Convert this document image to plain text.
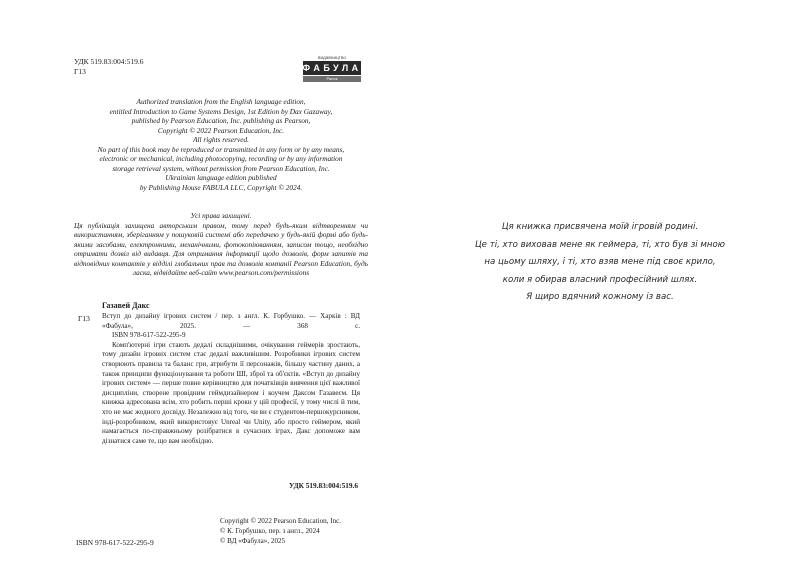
УДК 519.83:004:519.6
Г13
видавництво
ФАБУЛА
Ранок
Authorized translation from the English language edition,
entitled Introduction to Game Systems Design, 1st Edition by Dax Gazaway,
published by Pearson Education, Inc. publishing as Pearson,
Copyright © 2022 Pearson Education, Inc.
All rights reserved.
No part of this book may be reproduced or transmitted in any form or by any means,
electronic or mechanical, including photocopying, recording or by any information
storage retrieval system, without permission from Pearson Education, Inc.
Ukrainian language edition published
by Publishing House FABULA LLC, Copyright © 2024.
Усі права захищені.
Ця публікація захищена авторським правом, тому перед будь-яким відтворенням чи використанням, зберіганням у пошуковій системі або передачею у будь-якій формі або будь-якими засобами, електронними, механічними, фотокопіюванням, записом тощо, необхідно отримати дозвіл від видавця. Для отримання інформації щодо дозволів, форм запитів та відповідних контактів у відділі глобальних прав та дозволів компанії Pearson Education, будь ласка, відвідайте веб-сайт www.pearson.com/permissions
Газавей Дакс
Г13 Вступ до дизайну ігрових систем / пер. з англ. К. Горбушко. — Харків : ВД «Фабула», 2025. — 368 с.
ISBN 978-617-522-295-9
Комп'ютерні ігри стають дедалі складнішими, очікування геймерів зростають, тому дизайн ігрових систем стає дедалі важливішим. Розробники ігрових систем створюють правила та баланс гри, атрибути її персонажів, більшу частину даних, а також принципи функціонування та роботи ШІ, зброї та об'єктів. «Вступ до дизайну ігрових систем» — перше повне керівництво для початківців вивчення цієї важливої дисципліни, створене провідним геймдизайнером і коучем Даксом Газавеєм. Ця книжка адресована всім, хто робить перші кроки у цій професії, у тому числі й тим, хто не має жодного досвіду. Незалежно від того, чи ви є студентом-першокурсником, інді-розробником, який використовує Unreal чи Unity, або просто геймером, який намагається по-справжньому розібратися в сучасних іграх, Дакс допоможе вам дізнатися саме те, що вам необхідно.
УДК 519.83:004:519.6
ISBN 978-617-522-295-9
Copyright © 2022 Pearson Education, Inc.
© К. Горбушко, пер. з англ., 2024
© ВД «Фабула», 2025
Ця книжка присвячена моїй ігровій родині.
Це ті, хто виховав мене як геймера, ті, хто був зі мною
на цьому шляху, і ті, хто взяв мене під своє крило,
коли я обирав власний професійний шлях.
Я щиро вдячний кожному із вас.
